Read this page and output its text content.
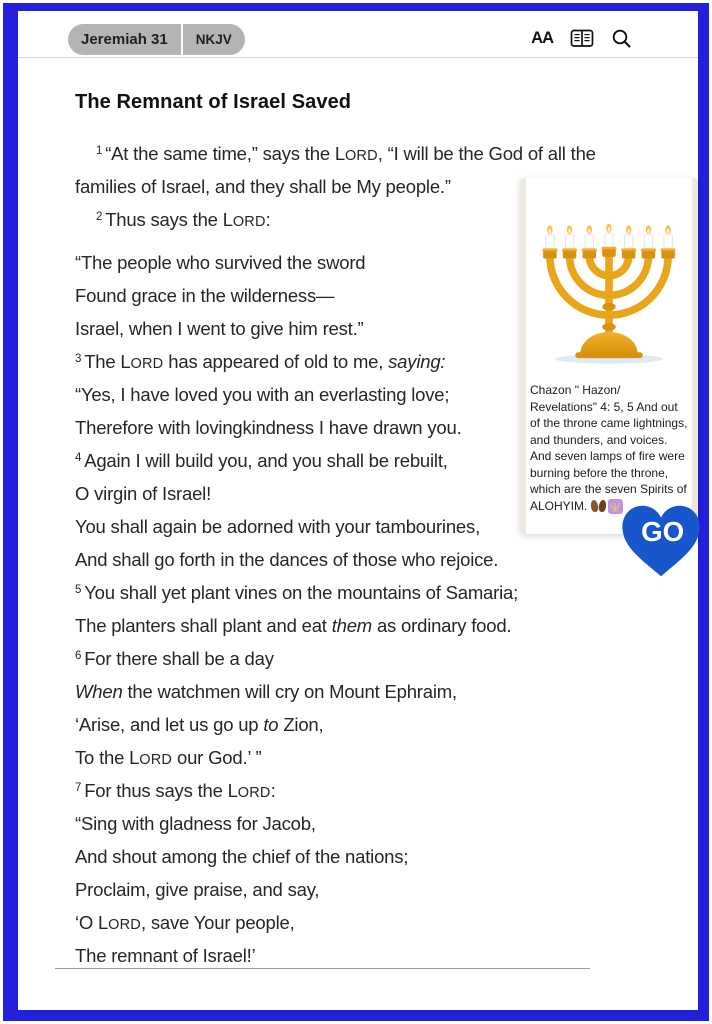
Jeremiah 31	NKJV	AA
The Remnant of Israel Saved
$^1$ “At the same time,” says the LORD, “I will be the God of all the
families of Israel, and they shall be My people.”
$^2$ Thus says the LORD:
“The people who survived the sword
Found grace in the wilderness—
Israel, when I went to give him rest.”
$^3$ The LORD has appeared of old to me, saying:
“Yes, I have loved you with an everlasting love;
Therefore with lovingkindness I have drawn you.
$^4$ Again I will build you, and you shall be rebuilt,
O virgin of Israel!
You shall again be adorned with your tambourines,
And shall go forth in the dances of those who rejoice.
$^5$ You shall yet plant vines on the mountains of Samaria;
The planters shall plant and eat them as ordinary food.
$^6$ For there shall be a day
When the watchmen will cry on Mount Ephraim,
‘Arise, and let us go up to Zion,
To the LORD our God.’ ”
$^7$ For thus says the LORD:
“Sing with gladness for Jacob,
And shout among the chief of the nations;
Proclaim, give praise, and say,
‘O LORD, save Your people,
The remnant of Israel!’

Chazon " Hazon/ Revelations" 4: 5, 5 And out of the throne came lightnings, and thunders, and voices. And seven lamps of fire were burning before the throne, which are the seven Spirits of ALOHYIM.

GO
